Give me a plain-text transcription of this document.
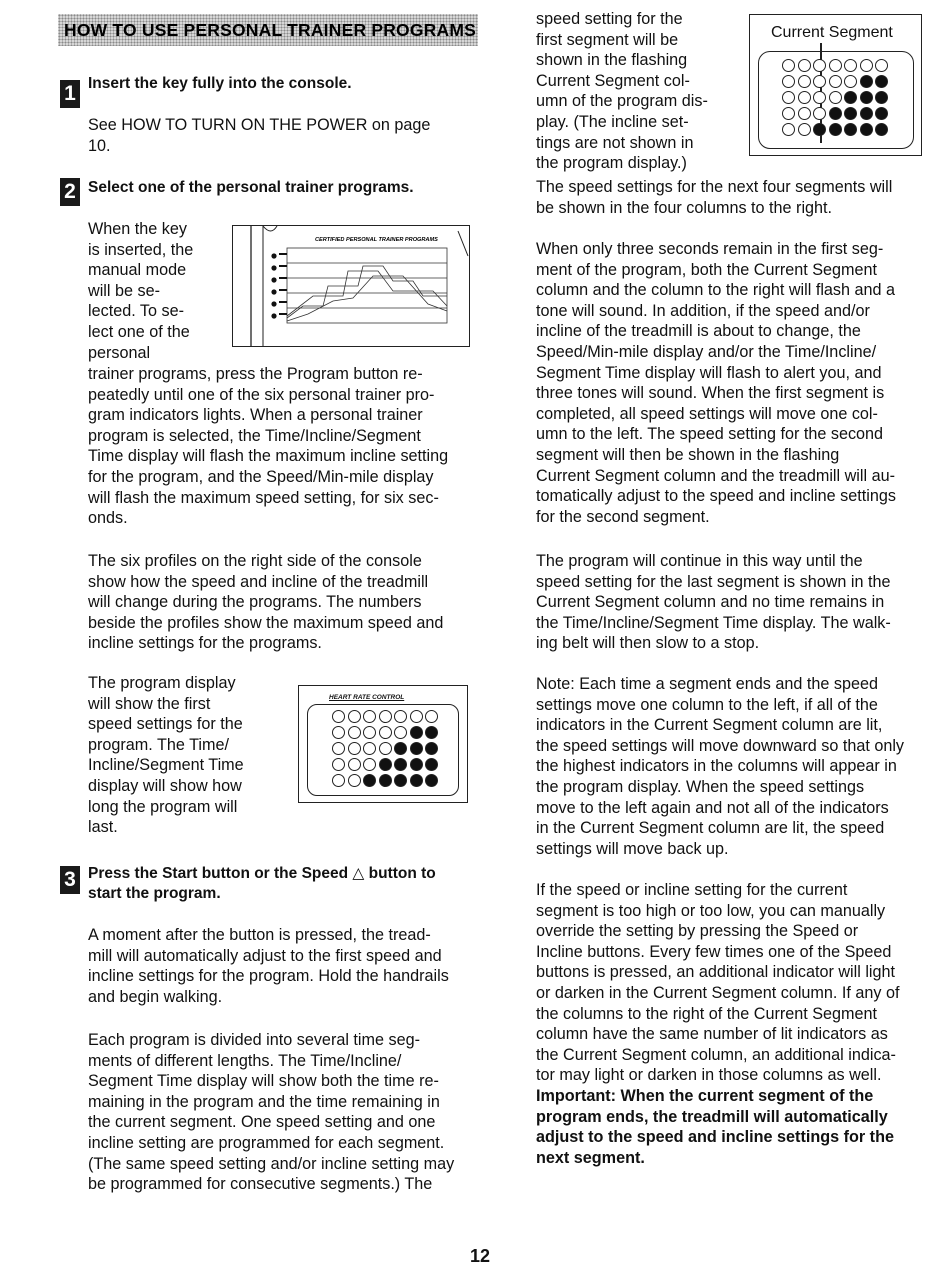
HOW TO USE PERSONAL TRAINER PROGRAMS
1 Insert the key fully into the console.

See HOW TO TURN ON THE POWER on page

10.

2 Select one of the personal trainer programs.

When the key

is inserted, the

manual mode

will be se-

lected. To se-

lect one of the

personal

CERTIFIED PERSONAL TRAINER PROGRAMS

trainer programs, press the Program button re-

peatedly until one of the six personal trainer pro-

gram indicators lights. When a personal trainer

program is selected, the Time/Incline/Segment

Time display will flash the maximum incline setting

for the program, and the Speed/Min-mile display

will flash the maximum speed setting, for six sec-

onds.

The six profiles on the right side of the console

show how the speed and incline of the treadmill

will change during the programs. The numbers

beside the profiles show the maximum speed and

incline settings for the programs.

The program display

will show the first

speed settings for the

program. The Time/

Incline/Segment Time

display will show how

long the program will

last.

HEART RATE CONTROL
3 Press the Start button or the Speed △ button to
start the program.

A moment after the button is pressed, the tread-

mill will automatically adjust to the first speed and

incline settings for the program. Hold the handrails

and begin walking.

Each program is divided into several time seg-

ments of different lengths. The Time/Incline/

Segment Time display will show both the time re-

maining in the program and the time remaining in

the current segment. One speed setting and one

incline setting are programmed for each segment.

(The same speed setting and/or incline setting may

be programmed for consecutive segments.) The

speed setting for the

first segment will be

shown in the flashing

Current Segment col-

umn of the program dis-

play. (The incline set-

tings are not shown in

the program display.)

Current Segment

The speed settings for the next four segments will

be shown in the four columns to the right.

When only three seconds remain in the first seg-

ment of the program, both the Current Segment

column and the column to the right will flash and a

tone will sound. In addition, if the speed and/or

incline of the treadmill is about to change, the

Speed/Min-mile display and/or the Time/Incline/

Segment Time display will flash to alert you, and

three tones will sound. When the first segment is

completed, all speed settings will move one col-

umn to the left. The speed setting for the second

segment will then be shown in the flashing

Current Segment column and the treadmill will au-

tomatically adjust to the speed and incline settings

for the second segment.

The program will continue in this way until the

speed setting for the last segment is shown in the

Current Segment column and no time remains in

the Time/Incline/Segment Time display. The walk-

ing belt will then slow to a stop.

Note: Each time a segment ends and the speed

settings move one column to the left, if all of the

indicators in the Current Segment column are lit,

the speed settings will move downward so that only

the highest indicators in the columns will appear in

the program display. When the speed settings

move to the left again and not all of the indicators

in the Current Segment column are lit, the speed

settings will move back up.

If the speed or incline setting for the current

segment is too high or too low, you can manually

override the setting by pressing the Speed or

Incline buttons. Every few times one of the Speed

buttons is pressed, an additional indicator will light

or darken in the Current Segment column. If any of

the columns to the right of the Current Segment

column have the same number of lit indicators as

the Current Segment column, an additional indica-

tor may light or darken in those columns as well.

Important: When the current segment of the

program ends, the treadmill will automatically

adjust to the speed and incline settings for the

next segment.

12
